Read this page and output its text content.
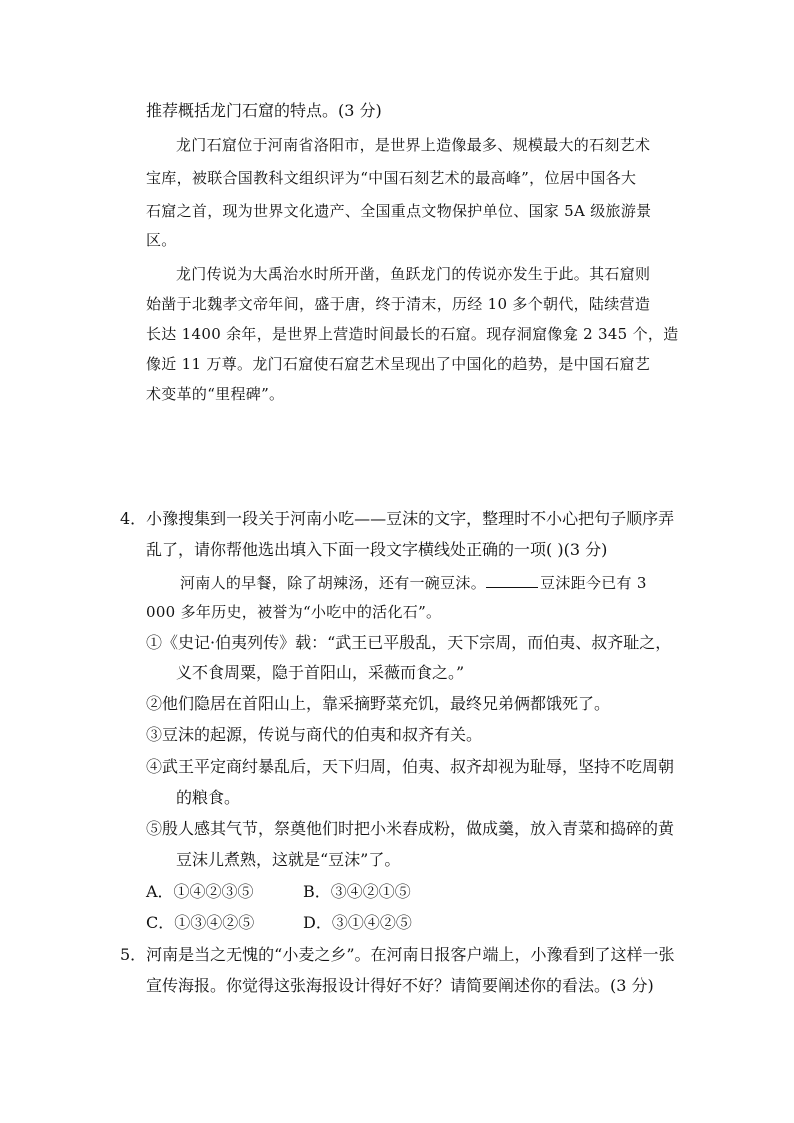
推荐概括龙门石窟的特点。(3 分)
龙门石窟位于河南省洛阳市，是世界上造像最多、规模最大的石刻艺术
宝库，被联合国教科文组织评为“中国石刻艺术的最高峰”，位居中国各大
石窟之首，现为世界文化遗产、全国重点文物保护单位、国家 5A 级旅游景
区。
龙门传说为大禹治水时所开凿，鱼跃龙门的传说亦发生于此。其石窟则
始凿于北魏孝文帝年间，盛于唐，终于清末，历经 10 多个朝代，陆续营造
长达 1400 余年，是世界上营造时间最长的石窟。现存洞窟像龛 2 345 个，造
像近 11 万尊。龙门石窟使石窟艺术呈现出了中国化的趋势，是中国石窟艺
术变革的“里程碑”。
4．小豫搜集到一段关于河南小吃——豆沫的文字，整理时不小心把句子顺序弄
乱了，请你帮他选出填入下面一段文字横线处正确的一项( )(3 分)
河南人的早餐，除了胡辣汤，还有一碗豆沫。	豆沫距今已有 3
000 多年历史，被誉为“小吃中的活化石”。
①《史记·伯夷列传》载：“武王已平殷乱，天下宗周，而伯夷、叔齐耻之，
义不食周粟，隐于首阳山，采薇而食之。”
②他们隐居在首阳山上，靠采摘野菜充饥，最终兄弟俩都饿死了。
③豆沫的起源，传说与商代的伯夷和叔齐有关。
④武王平定商纣暴乱后，天下归周，伯夷、叔齐却视为耻辱，坚持不吃周朝
的粮食。
⑤殷人感其气节，祭奠他们时把小米舂成粉，做成羹，放入青菜和捣碎的黄
豆沫儿煮熟，这就是“豆沫”了。
A．①④②③⑤	B．③④②①⑤
C．①③④②⑤	D．③①④②⑤
5．河南是当之无愧的“小麦之乡”。在河南日报客户端上，小豫看到了这样一张
宣传海报。你觉得这张海报设计得好不好？请简要阐述你的看法。(3 分)
